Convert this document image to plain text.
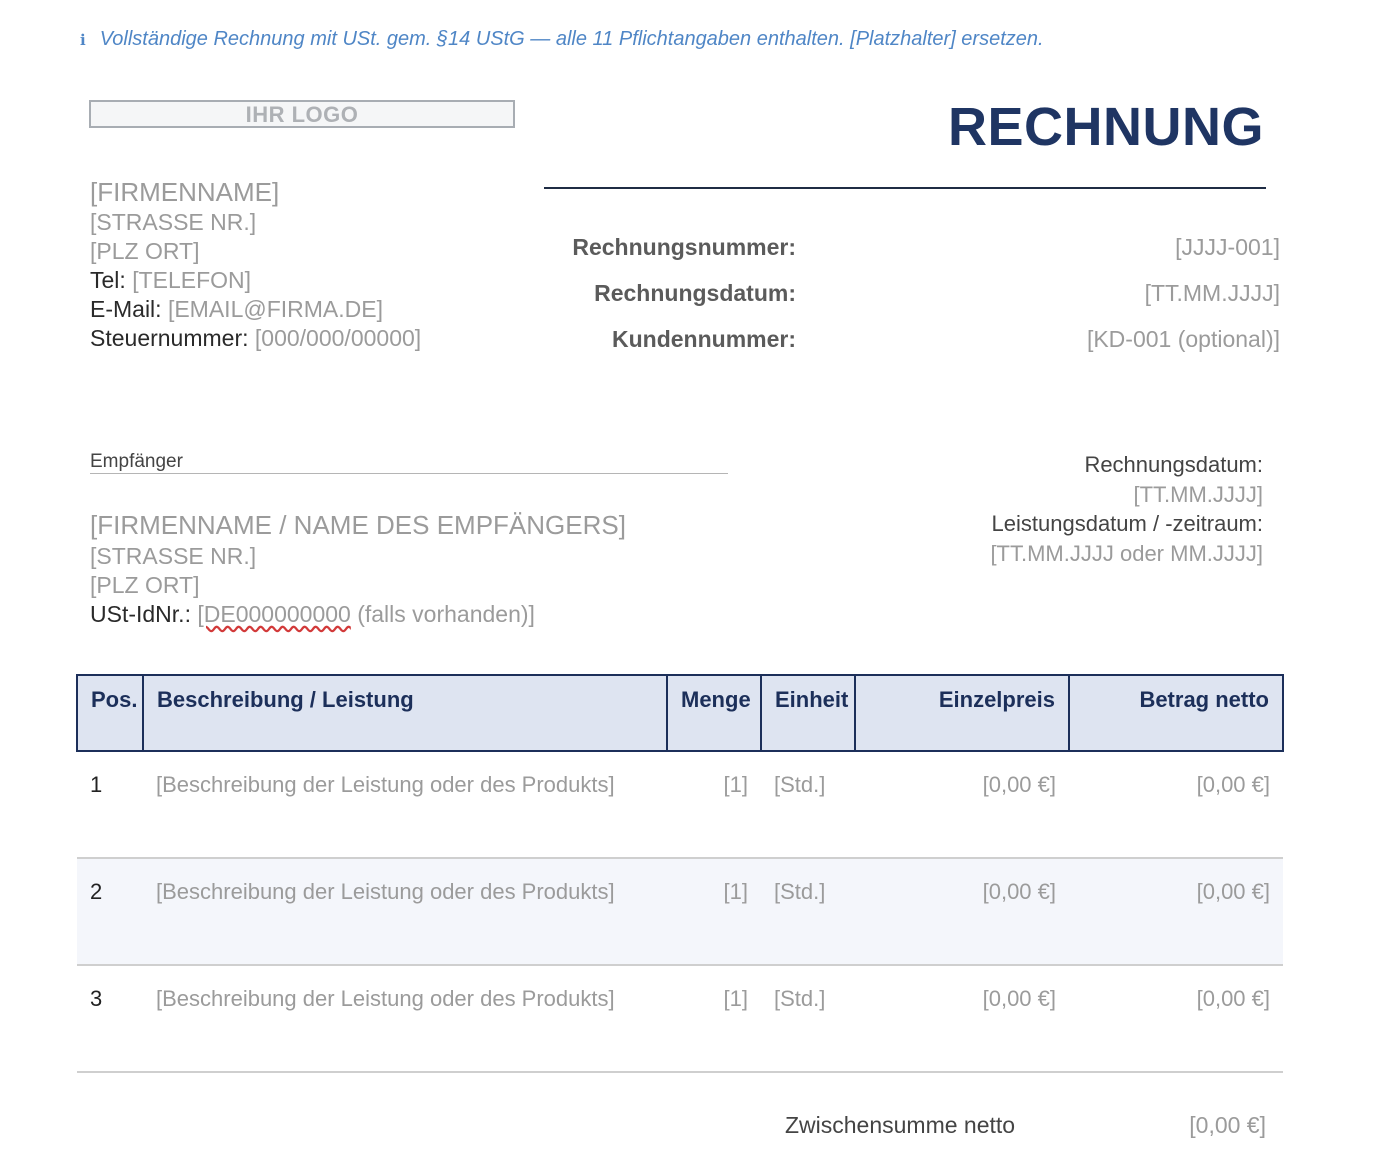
ℹ Vollständige Rechnung mit USt. gem. §14 UStG — alle 11 Pflichtangaben enthalten. [Platzhalter] ersetzen.
IHR LOGO	RECHNUNG
[FIRMENNAME]
[STRASSE NR.]
[PLZ ORT]
Tel: [TELEFON]
E-Mail: [EMAIL@FIRMA.DE]
Steuernummer: [000/000/00000]
Rechnungsnummer:	[JJJJ-001]
Rechnungsdatum:	[TT.MM.JJJJ]
Kundennummer:	[KD-001 (optional)]
Empfänger
[FIRMENNAME / NAME DES EMPFÄNGERS]
[STRASSE NR.]
[PLZ ORT]
USt-IdNr.: [DE000000000 (falls vorhanden)]
Rechnungsdatum:
[TT.MM.JJJJ]
Leistungsdatum / -zeitraum:
[TT.MM.JJJJ oder MM.JJJJ]
Pos.	Beschreibung / Leistung	Menge	Einheit	Einzelpreis	Betrag netto
1	[Beschreibung der Leistung oder des Produkts]	[1]	[Std.]	[0,00 €]	[0,00 €]
2	[Beschreibung der Leistung oder des Produkts]	[1]	[Std.]	[0,00 €]	[0,00 €]
3	[Beschreibung der Leistung oder des Produkts]	[1]	[Std.]	[0,00 €]	[0,00 €]
Zwischensumme netto	[0,00 €]
